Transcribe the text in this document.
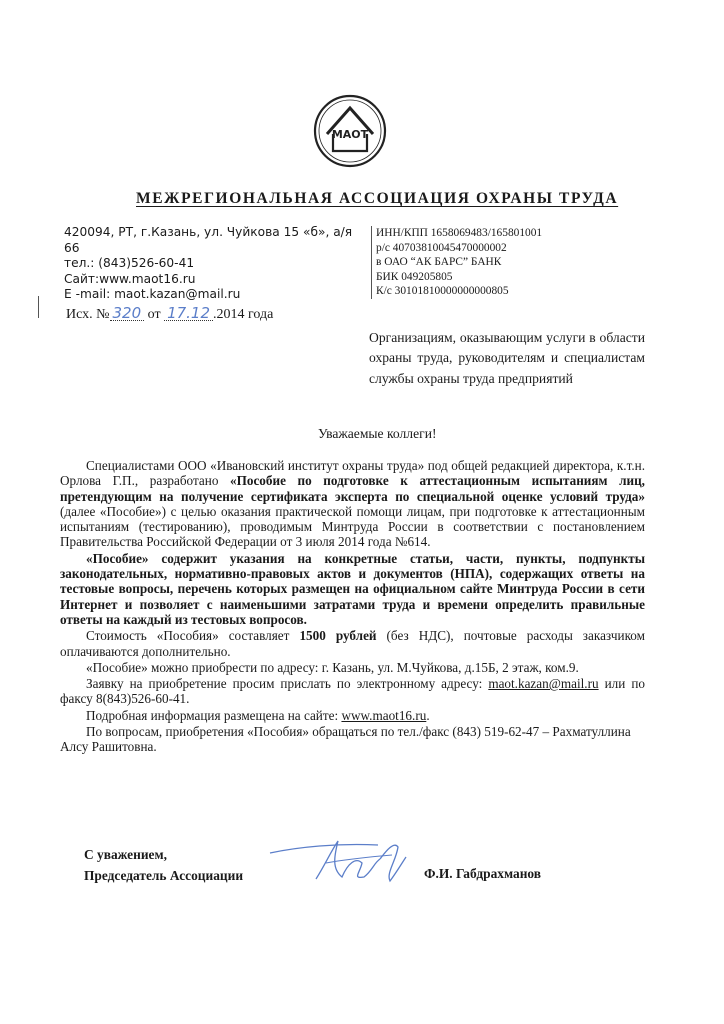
МАОТ
МЕЖРЕГИОНАЛЬНАЯ АССОЦИАЦИЯ ОХРАНЫ ТРУДА
420094, РТ, г.Казань, ул. Чуйкова 15 «б», а/я
66
тел.: (843)526-60-41
Сайт:www.maot16.ru
E -mail: maot.kazan@mail.ru
ИНН/КПП 1658069483/165801001
р/с 40703810045470000002
в ОАО “АК БАРС” БАНК
БИК 049205805
К/с 30101810000000000805
Исх. № 320 от 17.12 .2014 года
Организациям, оказывающим услуги в области охраны труда, руководителям и специалистам службы охраны труда предприятий
Уважаемые коллеги!

Специалистами ООО «Ивановский институт охраны труда» под общей редакцией директора, к.т.н. Орлова Г.П., разработано «Пособие по подготовке к аттестационным испытаниям лиц, претендующим на получение сертификата эксперта по специальной оценке условий труда» (далее «Пособие») с целью оказания практической помощи лицам, при подготовке к аттестационным испытаниям (тестированию), проводимым Минтруда России в соответствии с постановлением Правительства Российской Федерации от 3 июля 2014 года №614.

«Пособие» содержит указания на конкретные статьи, части, пункты, подпункты законодательных, нормативно-правовых актов и документов (НПА), содержащих ответы на тестовые вопросы, перечень которых размещен на официальном сайте Минтруда России в сети Интернет и позволяет с наименьшими затратами труда и времени определить правильные ответы на каждый из тестовых вопросов.

Стоимость «Пособия» составляет 1500 рублей (без НДС), почтовые расходы заказчиком оплачиваются дополнительно.

«Пособие» можно приобрести по адресу: г. Казань, ул. М.Чуйкова, д.15Б, 2 этаж, ком.9.

Заявку на приобретение просим прислать по электронному адресу: maot.kazan@mail.ru или по факсу 8(843)526-60-41.

Подробная информация размещена на сайте: www.maot16.ru.

По вопросам, приобретения «Пособия» обращаться по тел./факс (843) 519-62-47 – Рахматуллина Алсу Рашитовна.

С уважением,
Председатель Ассоциации	Ф.И. Габдрахманов
